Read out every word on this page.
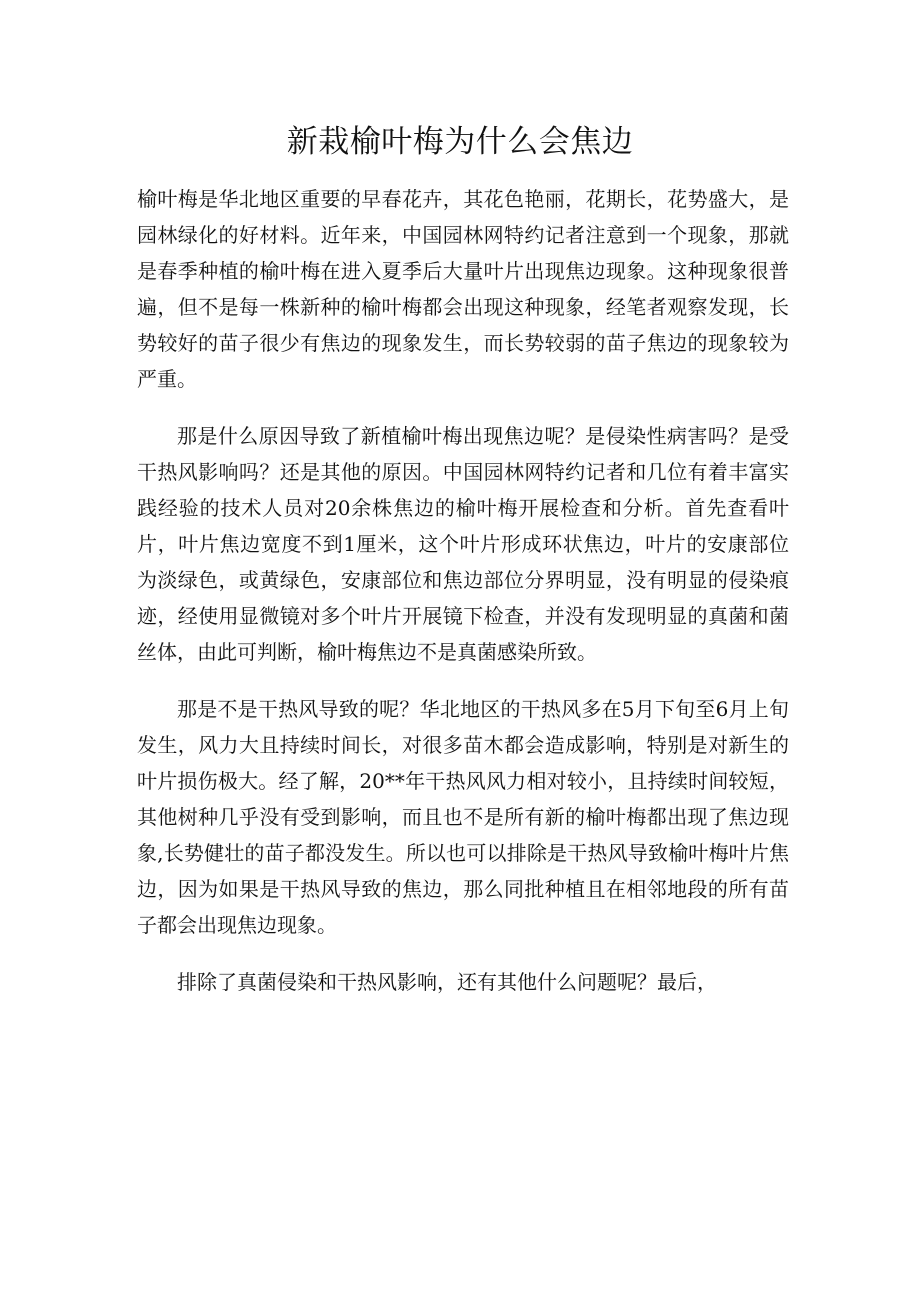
新栽榆叶梅为什么会焦边

榆叶梅是华北地区重要的早春花卉，其花色艳丽，花期长，花势盛大，是园林绿化的好材料。近年来，中国园林网特约记者注意到一个现象，那就是春季种植的榆叶梅在进入夏季后大量叶片出现焦边现象。这种现象很普遍，但不是每一株新种的榆叶梅都会出现这种现象，经笔者观察发现，长势较好的苗子很少有焦边的现象发生，而长势较弱的苗子焦边的现象较为严重。

那是什么原因导致了新植榆叶梅出现焦边呢？是侵染性病害吗？是受干热风影响吗？还是其他的原因。中国园林网特约记者和几位有着丰富实践经验的技术人员对20余株焦边的榆叶梅开展检查和分析。首先查看叶片，叶片焦边宽度不到1厘米，这个叶片形成环状焦边，叶片的安康部位为淡绿色，或黄绿色，安康部位和焦边部位分界明显，没有明显的侵染痕迹，经使用显微镜对多个叶片开展镜下检查，并没有发现明显的真菌和菌丝体，由此可判断，榆叶梅焦边不是真菌感染所致。

那是不是干热风导致的呢？华北地区的干热风多在5月下旬至6月上旬发生，风力大且持续时间长，对很多苗木都会造成影响，特别是对新生的叶片损伤极大。经了解，20**年干热风风力相对较小，且持续时间较短，其他树种几乎没有受到影响，而且也不是所有新的榆叶梅都出现了焦边现象,长势健壮的苗子都没发生。所以也可以排除是干热风导致榆叶梅叶片焦边，因为如果是干热风导致的焦边，那么同批种植且在相邻地段的所有苗子都会出现焦边现象。

排除了真菌侵染和干热风影响，还有其他什么问题呢？最后，
